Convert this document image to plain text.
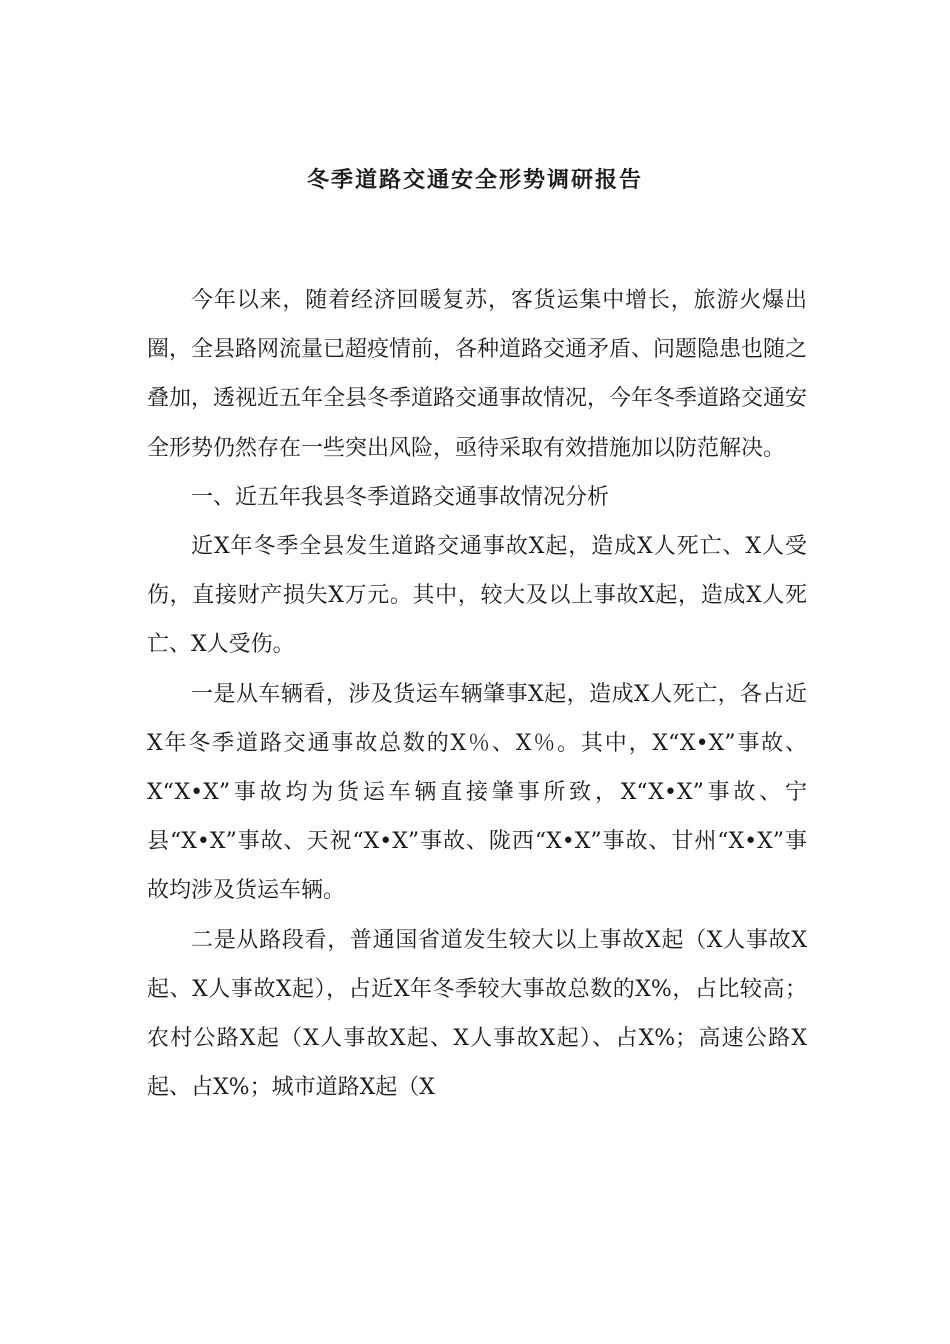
冬季道路交通安全形势调研报告

今年以来，随着经济回暖复苏，客货运集中增长，旅游火爆出圈，全县路网流量已超疫情前，各种道路交通矛盾、问题隐患也随之叠加，透视近五年全县冬季道路交通事故情况，今年冬季道路交通安全形势仍然存在一些突出风险，亟待采取有效措施加以防范解决。

一、近五年我县冬季道路交通事故情况分析

近X年冬季全县发生道路交通事故X起，造成X人死亡、X人受伤，直接财产损失X万元。其中，较大及以上事故X起，造成X人死亡、X人受伤。

一是从车辆看，涉及货运车辆肇事X起，造成X人死亡，各占近X年冬季道路交通事故总数的X％、X％。其中，X“X•X”事故、X“X•X”事故均为货运车辆直接肇事所致，X“X•X”事故、宁县“X•X”事故、天祝“X•X”事故、陇西“X•X”事故、甘州“X•X”事故均涉及货运车辆。

二是从路段看，普通国省道发生较大以上事故X起（X人事故X起、X人事故X起），占近X年冬季较大事故总数的X%，占比较高；农村公路X起（X人事故X起、X人事故X起）、占X%；高速公路X起、占X%；城市道路X起（X
